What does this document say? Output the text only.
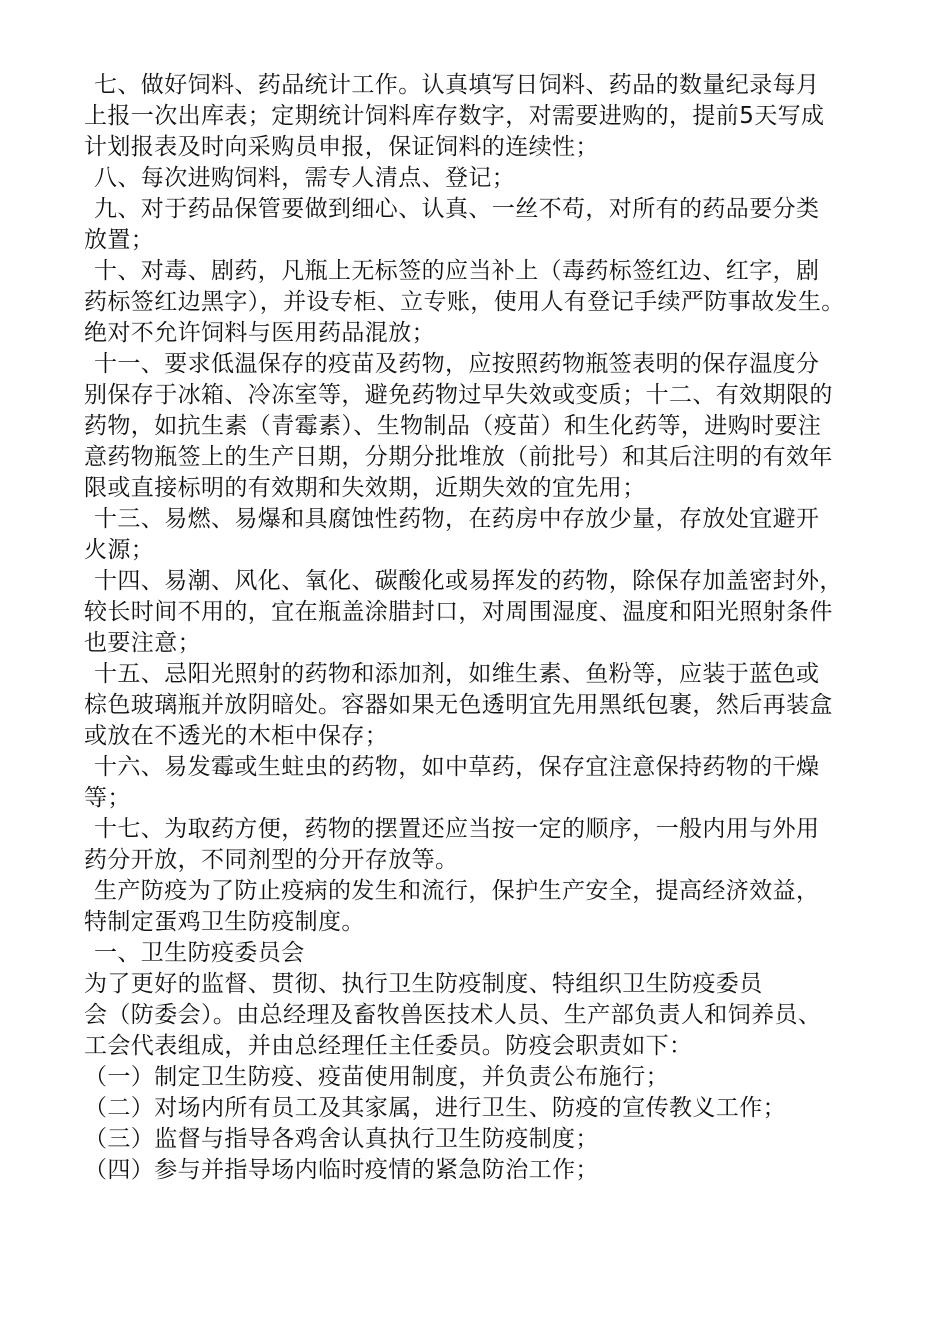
七、做好饲料、药品统计工作。认真填写日饲料、药品的数量纪录每月
上报一次出库表；定期统计饲料库存数字，对需要进购的，提前5天写成
计划报表及时向采购员申报，保证饲料的连续性；
八、每次进购饲料，需专人清点、登记；
九、对于药品保管要做到细心、认真、一丝不苟，对所有的药品要分类
放置；
十、对毒、剧药，凡瓶上无标签的应当补上（毒药标签红边、红字，剧
药标签红边黑字），并设专柜、立专账，使用人有登记手续严防事故发生。
绝对不允许饲料与医用药品混放；
十一、要求低温保存的疫苗及药物，应按照药物瓶签表明的保存温度分
别保存于冰箱、冷冻室等，避免药物过早失效或变质；十二、有效期限的
药物，如抗生素（青霉素）、生物制品（疫苗）和生化药等，进购时要注
意药物瓶签上的生产日期，分期分批堆放（前批号）和其后注明的有效年
限或直接标明的有效期和失效期，近期失效的宜先用；
十三、易燃、易爆和具腐蚀性药物，在药房中存放少量，存放处宜避开
火源；
十四、易潮、风化、氧化、碳酸化或易挥发的药物，除保存加盖密封外，
较长时间不用的，宜在瓶盖涂腊封口，对周围湿度、温度和阳光照射条件
也要注意；
十五、忌阳光照射的药物和添加剂，如维生素、鱼粉等，应装于蓝色或
棕色玻璃瓶并放阴暗处。容器如果无色透明宜先用黑纸包裹，然后再装盒
或放在不透光的木柜中保存；
十六、易发霉或生蛀虫的药物，如中草药，保存宜注意保持药物的干燥
等；
十七、为取药方便，药物的摆置还应当按一定的顺序，一般内用与外用
药分开放，不同剂型的分开存放等。
生产防疫为了防止疫病的发生和流行，保护生产安全，提高经济效益，
特制定蛋鸡卫生防疫制度。
一、卫生防疫委员会
为了更好的监督、贯彻、执行卫生防疫制度、特组织卫生防疫委员
会（防委会）。由总经理及畜牧兽医技术人员、生产部负责人和饲养员、
工会代表组成，并由总经理任主任委员。防疫会职责如下：
（一）制定卫生防疫、疫苗使用制度，并负责公布施行；
（二）对场内所有员工及其家属，进行卫生、防疫的宣传教义工作；
（三）监督与指导各鸡舍认真执行卫生防疫制度；
（四）参与并指导场内临时疫情的紧急防治工作；
